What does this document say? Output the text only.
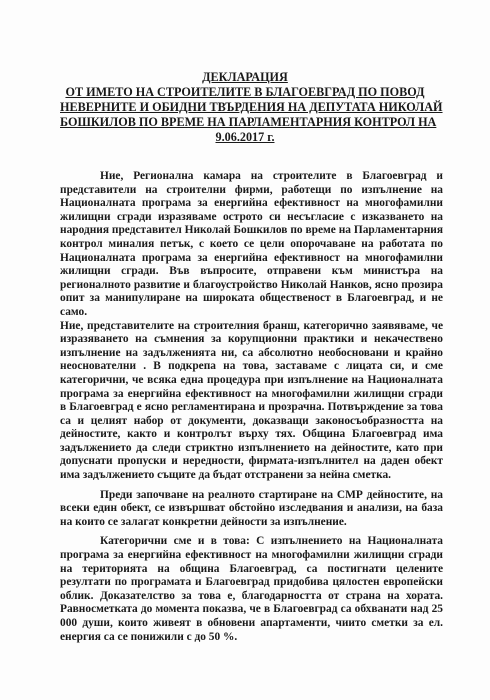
ДЕКЛАРАЦИЯ
ОТ ИМЕТО НА СТРОИТЕЛИТЕ В БЛАГОЕВГРАД ПО ПОВОД
НЕВЕРНИТЕ И ОБИДНИ ТВЪРДЕНИЯ НА ДЕПУТАТА НИКОЛАЙ
БОШКИЛОВ ПО ВРЕМЕ НА ПАРЛАМЕНТАРНИЯ КОНТРОЛ НА
9.06.2017 г.

Ние, Регионална камара на строителите в Благоевград и представители на строителни фирми, работещи по изпълнение на Националната програма за енергийна ефективност на многофамилни жилищни сгради изразяваме остротo си несъгласие с изказването на народния представител Николай Бошкилов по време на Парламентарния контрол миналия петък, с което се цели опорочаване на работата по Националната програма за енергийна ефективност на многофамилни жилищни сгради. Във въпросите, отправени към министъра на регионалното развитие и благоустройство Николай Нанков, ясно прозира опит за манипулиране на широката общественост в Благоевград, и не само.

Ние, представителите на строителния бранш, категорично заявяваме, че изразяването на съмнения за корупционни практики и некачествено изпълнение на задълженията ни, са абсолютно необосновани и крайно неоснователни . В подкрепа на това, заставаме с лицата си, и сме категорични, че всяка една процедура при изпълнение на Националната програма за енергийна ефективност на многофамилни жилищни сгради в Благоевград е ясно регламентирана и прозрачна. Потвърждение за това са и целият набор от документи, доказващи законосъобразността на дейностите, както и контролът върху тях. Община Благоевград има задължението да следи стриктно изпълнението на дейностите, като при допуснати пропуски и нередности, фирмата-изпълнител на даден обект има задължението същите да бъдат отстранени за нейна сметка.

Преди започване на реалното стартиране на СМР дейностите, на всеки един обект, се извършват обстойно изследвания и анализи, на база на които се залагат конкретни дейности за изпълнение.

Категорични сме и в това: С изпълнението на Националната програма за енергийна ефективност на многофамилни жилищни сгради на територията на община Благоевград, са постигнати целените резултати по програмата и Благоевград придобива цялостен европейски облик. Доказателство за това е, благодарността от страна на хората. Равносметката до момента показва, че в Благоевград са обхванати над 25 000 души, които живеят в обновени апартаменти, чиито сметки за ел. енергия са се понижили с до 50 %.
